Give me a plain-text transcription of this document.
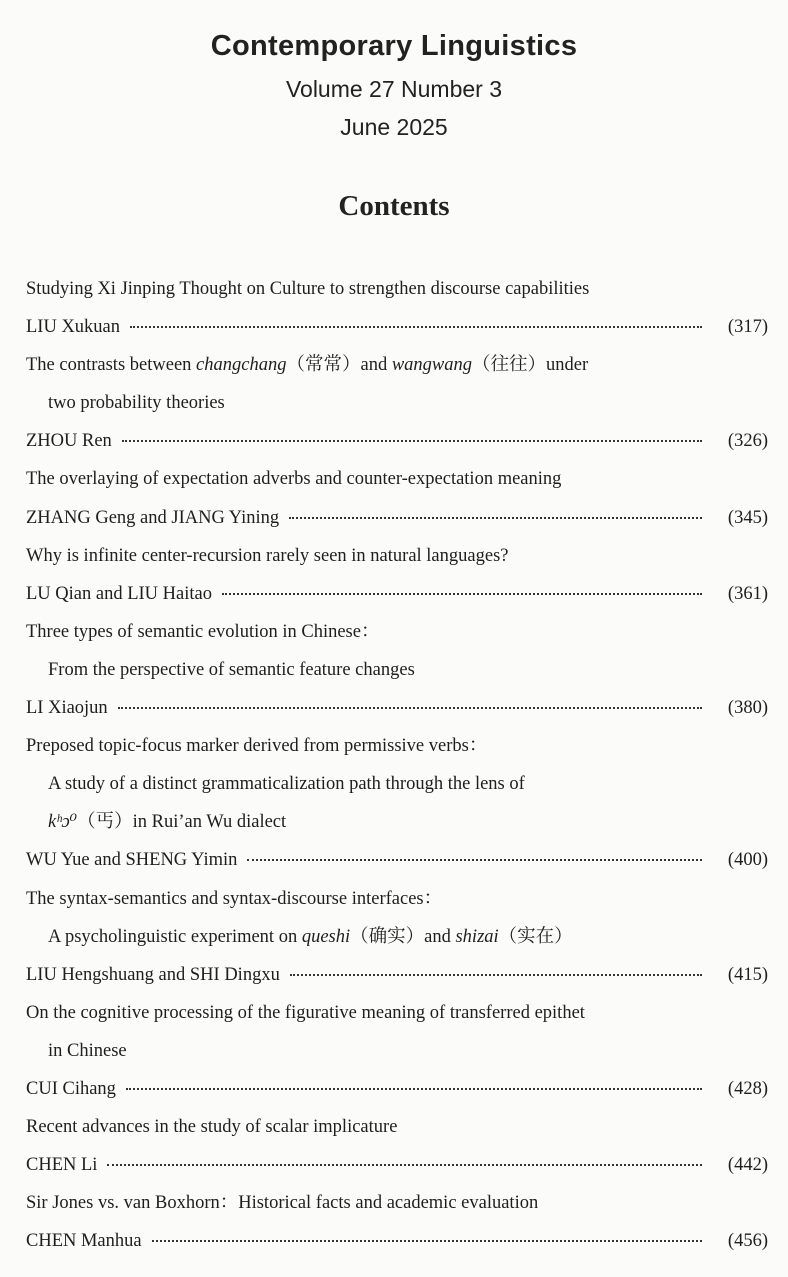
Contemporary Linguistics
Volume 27 Number 3
June 2025
Contents
Studying Xi Jinping Thought on Culture to strengthen discourse capabilities
LIU Xukuan	(317)
The contrasts between changchang （常常）and wangwang （往往）under
two probability theories
ZHOU Ren	(326)
The overlaying of expectation adverbs and counter-expectation meaning
ZHANG Geng and JIANG Yining	(345)
Why is infinite center-recursion rarely seen in natural languages?
LU Qian and LIU Haitao	(361)
Three types of semantic evolution in Chinese：
From the perspective of semantic feature changes
LI Xiaojun	(380)
Preposed topic-focus marker derived from permissive verbs：
A study of a distinct grammaticalization path through the lens of
kʰɔ⁰ （丐）in Rui’an Wu dialect
WU Yue and SHENG Yimin	(400)
The syntax-semantics and syntax-discourse interfaces：
A psycholinguistic experiment on queshi （确实）and shizai （实在）
LIU Hengshuang and SHI Dingxu	(415)
On the cognitive processing of the figurative meaning of transferred epithet
in Chinese
CUI Cihang	(428)
Recent advances in the study of scalar implicature
CHEN Li	(442)
Sir Jones vs. van Boxhorn：Historical facts and academic evaluation
CHEN Manhua	(456)
